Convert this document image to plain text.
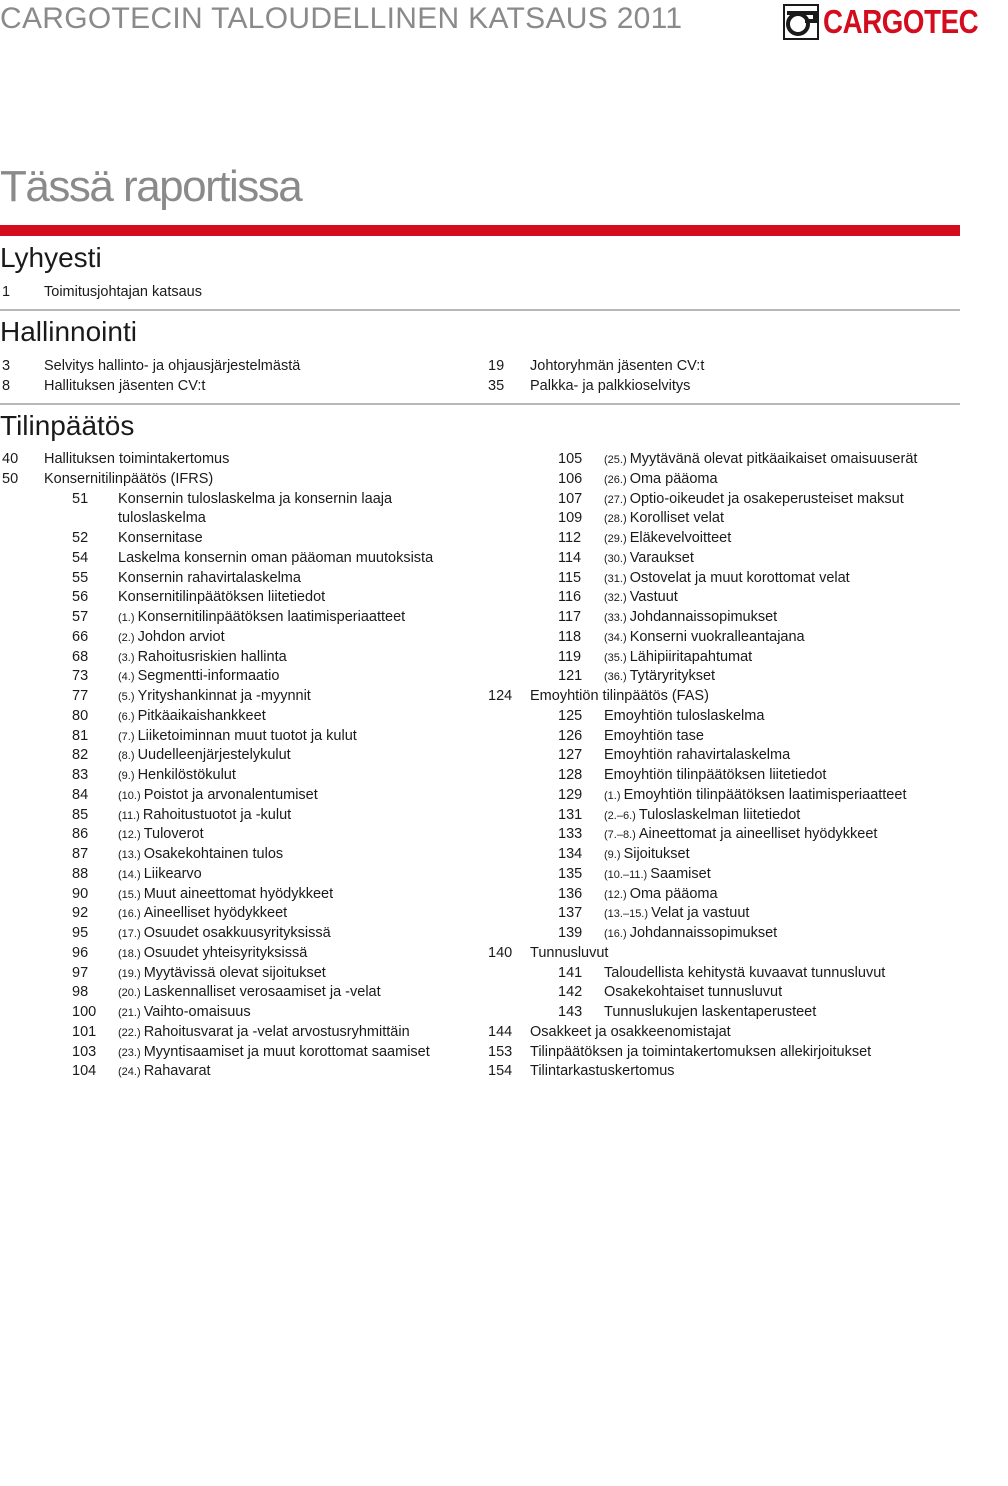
CARGOTECIN TALOUDELLINEN KATSAUS 2011	CARGOTEC
Tässä raportissa
Lyhyesti
1 Toimitusjohtajan katsaus
Hallinnointi
3 Selvitys hallinto- ja ohjausjärjestelmästä
8 Hallituksen jäsenten CV:t
19 Johtoryhmän jäsenten CV:t
35 Palkka- ja palkkioselvitys
Tilinpäätös
40 Hallituksen toimintakertomus
50 Konsernitilinpäätös (IFRS)
51 Konsernin tuloslaskelma ja konsernin laaja
tuloslaskelma
52 Konsernitase
54 Laskelma konsernin oman pääoman muutoksista
55 Konsernin rahavirtalaskelma
56 Konsernitilinpäätöksen liitetiedot
57	(1.) Konsernitilinpäätöksen laatimisperiaatteet
66	(2.) Johdon arviot
68	(3.) Rahoitusriskien hallinta
73	(4.) Segmentti-informaatio
77	(5.) Yrityshankinnat ja -myynnit
80	(6.) Pitkäaikaishankkeet
81	(7.) Liiketoiminnan muut tuotot ja kulut
82	(8.) Uudelleenjärjestelykulut
83	(9.) Henkilöstökulut
84	(10.) Poistot ja arvonalentumiset
85	(11.) Rahoitustuotot ja -kulut
86	(12.) Tuloverot
87	(13.) Osakekohtainen tulos
88	(14.) Liikearvo
90	(15.) Muut aineettomat hyödykkeet
92	(16.) Aineelliset hyödykkeet
95	(17.) Osuudet osakkuusyrityksissä
96	(18.) Osuudet yhteisyrityksissä
97	(19.) Myytävissä olevat sijoitukset
98	(20.) Laskennalliset verosaamiset ja -velat
100 (21.) Vaihto-omaisuus
101 (22.) Rahoitusvarat ja -velat arvostusryhmittäin
103 (23.) Myyntisaamiset ja muut korottomat saamiset
104 (24.) Rahavarat
105 (25.) Myytävänä olevat pitkäaikaiset omaisuuserät
106 (26.) Oma pääoma
107 (27.) Optio-oikeudet ja osakeperusteiset maksut
109 (28.) Korolliset velat
112 (29.) Eläkevelvoitteet
114 (30.) Varaukset
115 (31.) Ostovelat ja muut korottomat velat
116 (32.) Vastuut
117 (33.) Johdannaissopimukset
118 (34.) Konserni vuokralleantajana
119 (35.) Lähipiiritapahtumat
121 (36.) Tytäryritykset
124 Emoyhtiön tilinpäätös (FAS)
125 Emoyhtiön tuloslaskelma
126 Emoyhtiön tase
127 Emoyhtiön rahavirtalaskelma
128 Emoyhtiön tilinpäätöksen liitetiedot
129 (1.) Emoyhtiön tilinpäätöksen laatimisperiaatteet
131 (2.–6.) Tuloslaskelman liitetiedot
133 (7.–8.) Aineettomat ja aineelliset hyödykkeet
134 (9.) Sijoitukset
135 (10.–11.) Saamiset
136 (12.) Oma pääoma
137 (13.–15.) Velat ja vastuut
139 (16.) Johdannaissopimukset
140 Tunnusluvut
141 Taloudellista kehitystä kuvaavat tunnusluvut
142 Osakekohtaiset tunnusluvut
143 Tunnuslukujen laskentaperusteet
144 Osakkeet ja osakkeenomistajat
153 Tilinpäätöksen ja toimintakertomuksen allekirjoitukset
154 Tilintarkastuskertomus
